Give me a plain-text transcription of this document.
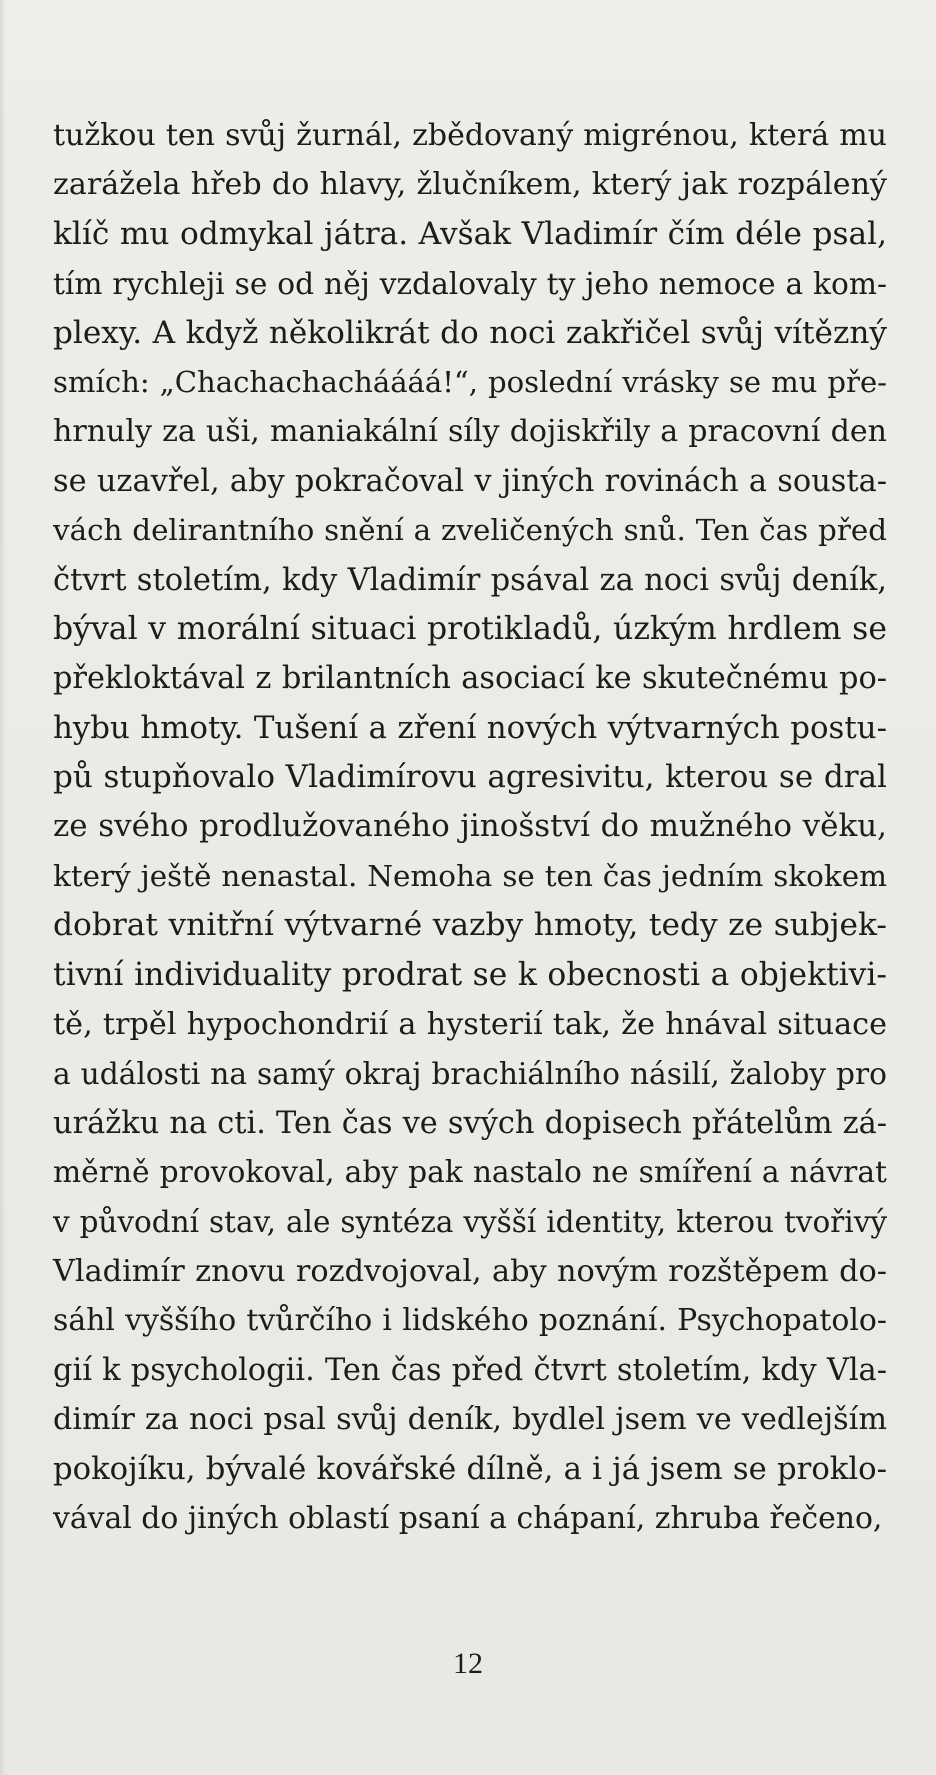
tužkou ten svůj žurnál, zbědovaný migrénou, která mu
zarážela hřeb do hlavy, žlučníkem, který jak rozpálený
klíč mu odmykal játra. Avšak Vladimír čím déle psal,
tím rychleji se od něj vzdalovaly ty jeho nemoce a kom-
plexy. A když několikrát do noci zakřičel svůj vítězný
smích: „Chachachacháááá!“, poslední vrásky se mu pře-
hrnuly za uši, maniakální síly dojiskřily a pracovní den
se uzavřel, aby pokračoval v jiných rovinách a sousta-
vách delirantního snění a zveličených snů. Ten čas před
čtvrt stoletím, kdy Vladimír psával za noci svůj deník,
býval v morální situaci protikladů, úzkým hrdlem se
překloktával z brilantních asociací ke skutečnému po-
hybu hmoty. Tušení a zření nových výtvarných postu-
pů stupňovalo Vladimírovu agresivitu, kterou se dral
ze svého prodlužovaného jinošství do mužného věku,
který ještě nenastal. Nemoha se ten čas jedním skokem
dobrat vnitřní výtvarné vazby hmoty, tedy ze subjek-
tivní individuality prodrat se k obecnosti a objektivi-
tě, trpěl hypochondrií a hysterií tak, že hnával situace
a události na samý okraj brachiálního násilí, žaloby pro
urážku na cti. Ten čas ve svých dopisech přátelům zá-
měrně provokoval, aby pak nastalo ne smíření a návrat
v původní stav, ale syntéza vyšší identity, kterou tvořivý
Vladimír znovu rozdvojoval, aby novým rozštěpem do-
sáhl vyššího tvůrčího i lidského poznání. Psychopatolo-
gií k psychologii. Ten čas před čtvrt stoletím, kdy Vla-
dimír za noci psal svůj deník, bydlel jsem ve vedlejším
pokojíku, bývalé kovářské dílně, a i já jsem se proklo-
vával do jiných oblastí psaní a chápaní, zhruba řečeno,

12
